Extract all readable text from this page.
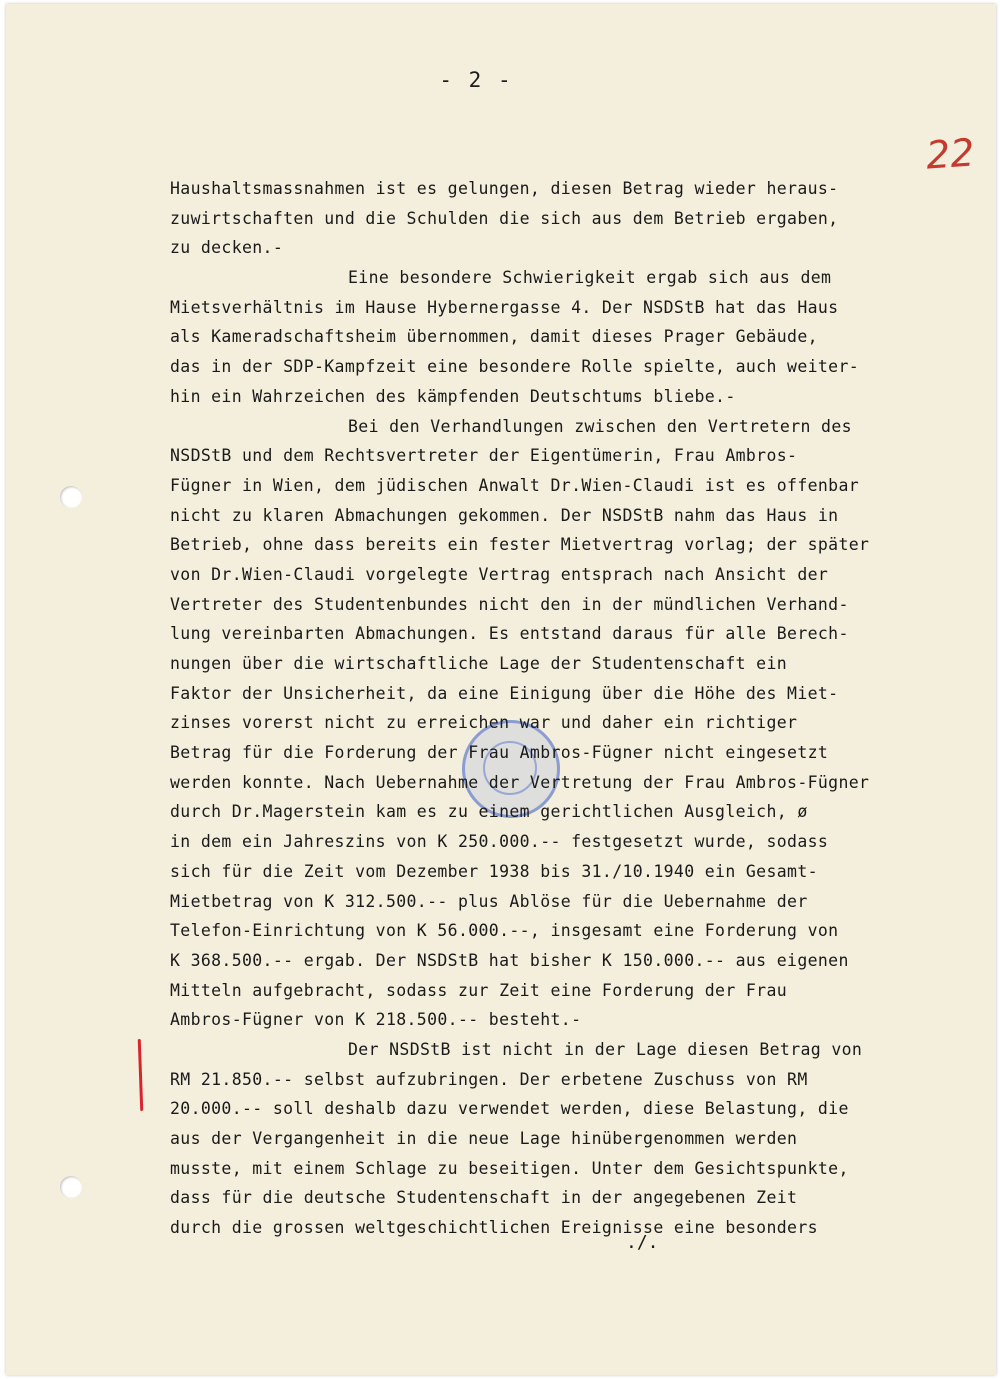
- 2 -
22
Haushaltsmassnahmen ist es gelungen, diesen Betrag wieder heraus-
zuwirtschaften und die Schulden die sich aus dem Betrieb ergaben,
zu decken.-
Eine besondere Schwierigkeit ergab sich aus dem
Mietsverhältnis im Hause Hybernergasse 4. Der NSDStB hat das Haus
als Kameradschaftsheim übernommen, damit dieses Prager Gebäude,
das in der SDP-Kampfzeit eine besondere Rolle spielte, auch weiter-
hin ein Wahrzeichen des kämpfenden Deutschtums bliebe.-
Bei den Verhandlungen zwischen den Vertretern des
NSDStB und dem Rechtsvertreter der Eigentümerin, Frau Ambros-
Fügner in Wien, dem jüdischen Anwalt Dr.Wien-Claudi ist es offenbar
nicht zu klaren Abmachungen gekommen. Der NSDStB nahm das Haus in
Betrieb, ohne dass bereits ein fester Mietvertrag vorlag; der später
von Dr.Wien-Claudi vorgelegte Vertrag entsprach nach Ansicht der
Vertreter des Studentenbundes nicht den in der mündlichen Verhand-
lung vereinbarten Abmachungen. Es entstand daraus für alle Berech-
nungen über die wirtschaftliche Lage der Studentenschaft ein
Faktor der Unsicherheit, da eine Einigung über die Höhe des Miet-
zinses vorerst nicht zu erreichen war und daher ein richtiger
Betrag für die Forderung der Frau Ambros-Fügner nicht eingesetzt
werden konnte. Nach Uebernahme der Vertretung der Frau Ambros-Fügner
durch Dr.Magerstein kam es zu einem gerichtlichen Ausgleich, ø
in dem ein Jahreszins von K 250.000.-- festgesetzt wurde, sodass
sich für die Zeit vom Dezember 1938 bis 31./10.1940 ein Gesamt-
Mietbetrag von K 312.500.-- plus Ablöse für die Uebernahme der
Telefon-Einrichtung von K 56.000.--, insgesamt eine Forderung von
K 368.500.-- ergab. Der NSDStB hat bisher K 150.000.-- aus eigenen
Mitteln aufgebracht, sodass zur Zeit eine Forderung der Frau
Ambros-Fügner von K 218.500.-- besteht.-
Der NSDStB ist nicht in der Lage diesen Betrag von
RM 21.850.-- selbst aufzubringen. Der erbetene Zuschuss von RM
20.000.-- soll deshalb dazu verwendet werden, diese Belastung, die
aus der Vergangenheit in die neue Lage hinübergenommen werden
musste, mit einem Schlage zu beseitigen. Unter dem Gesichtspunkte,
dass für die deutsche Studentenschaft in der angegebenen Zeit
durch die grossen weltgeschichtlichen Ereignisse eine besonders
./.
